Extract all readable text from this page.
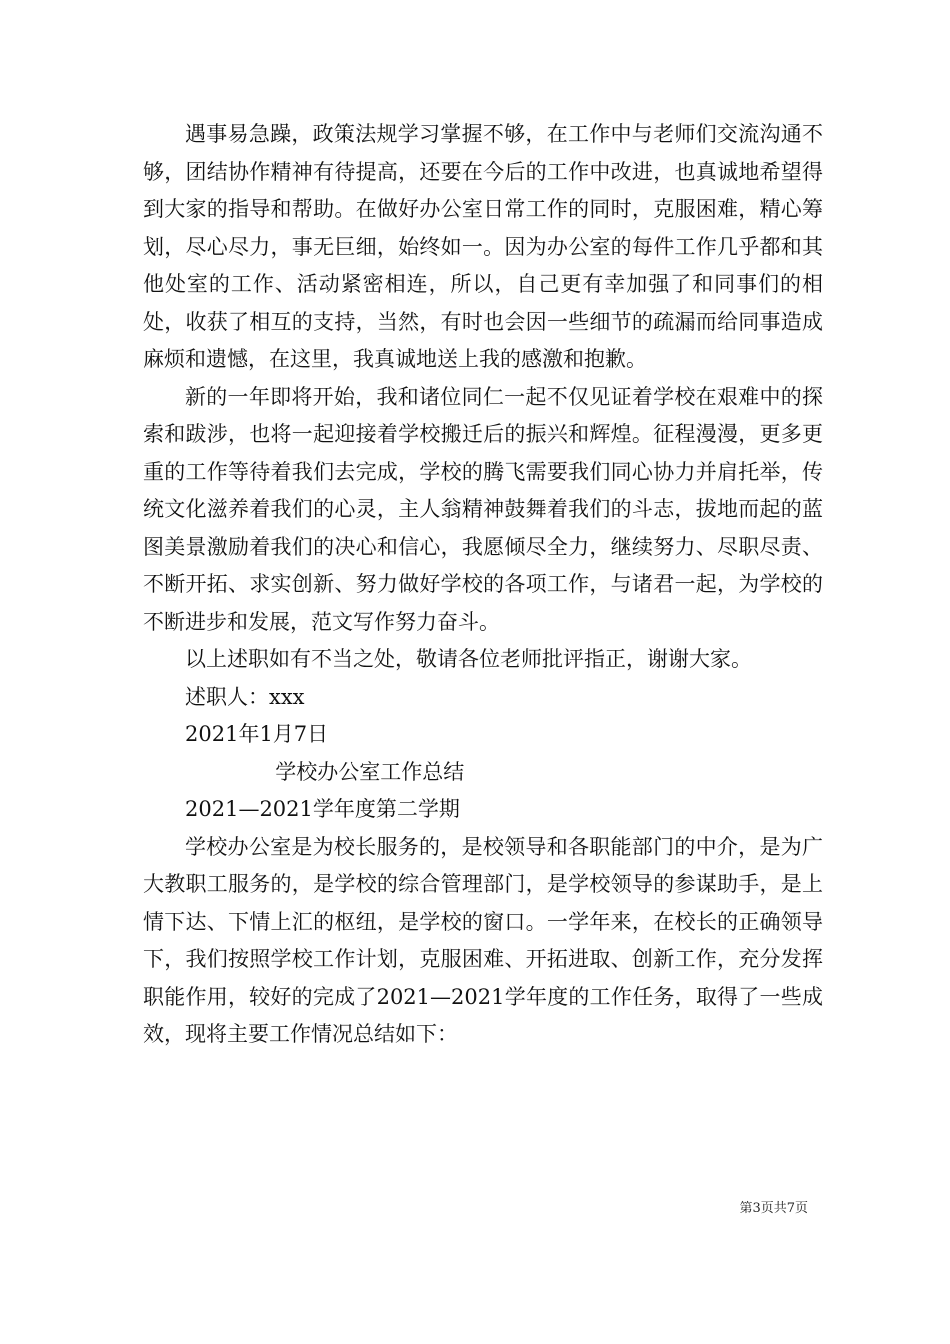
遇事易急躁，政策法规学习掌握不够，在工作中与老师们交流沟通不够，团结协作精神有待提高，还要在今后的工作中改进，也真诚地希望得到大家的指导和帮助。在做好办公室日常工作的同时，克服困难，精心筹划，尽心尽力，事无巨细，始终如一。因为办公室的每件工作几乎都和其他处室的工作、活动紧密相连，所以，自己更有幸加强了和同事们的相处，收获了相互的支持，当然，有时也会因一些细节的疏漏而给同事造成麻烦和遗憾，在这里，我真诚地送上我的感激和抱歉。

新的一年即将开始，我和诸位同仁一起不仅见证着学校在艰难中的探索和跋涉，也将一起迎接着学校搬迁后的振兴和辉煌。征程漫漫，更多更重的工作等待着我们去完成，学校的腾飞需要我们同心协力并肩托举，传统文化滋养着我们的心灵，主人翁精神鼓舞着我们的斗志，拔地而起的蓝图美景激励着我们的决心和信心，我愿倾尽全力，继续努力、尽职尽责、不断开拓、求实创新、努力做好学校的各项工作，与诸君一起，为学校的不断进步和发展，范文写作努力奋斗。

以上述职如有不当之处，敬请各位老师批评指正，谢谢大家。

述职人：xxx

2021年1月7日

学校办公室工作总结

2021—2021学年度第二学期

学校办公室是为校长服务的，是校领导和各职能部门的中介，是为广大教职工服务的，是学校的综合管理部门，是学校领导的参谋助手，是上情下达、下情上汇的枢纽，是学校的窗口。一学年来，在校长的正确领导下，我们按照学校工作计划，克服困难、开拓进取、创新工作，充分发挥职能作用，较好的完成了2021—2021学年度的工作任务，取得了一些成效，现将主要工作情况总结如下：

第3页共7页
